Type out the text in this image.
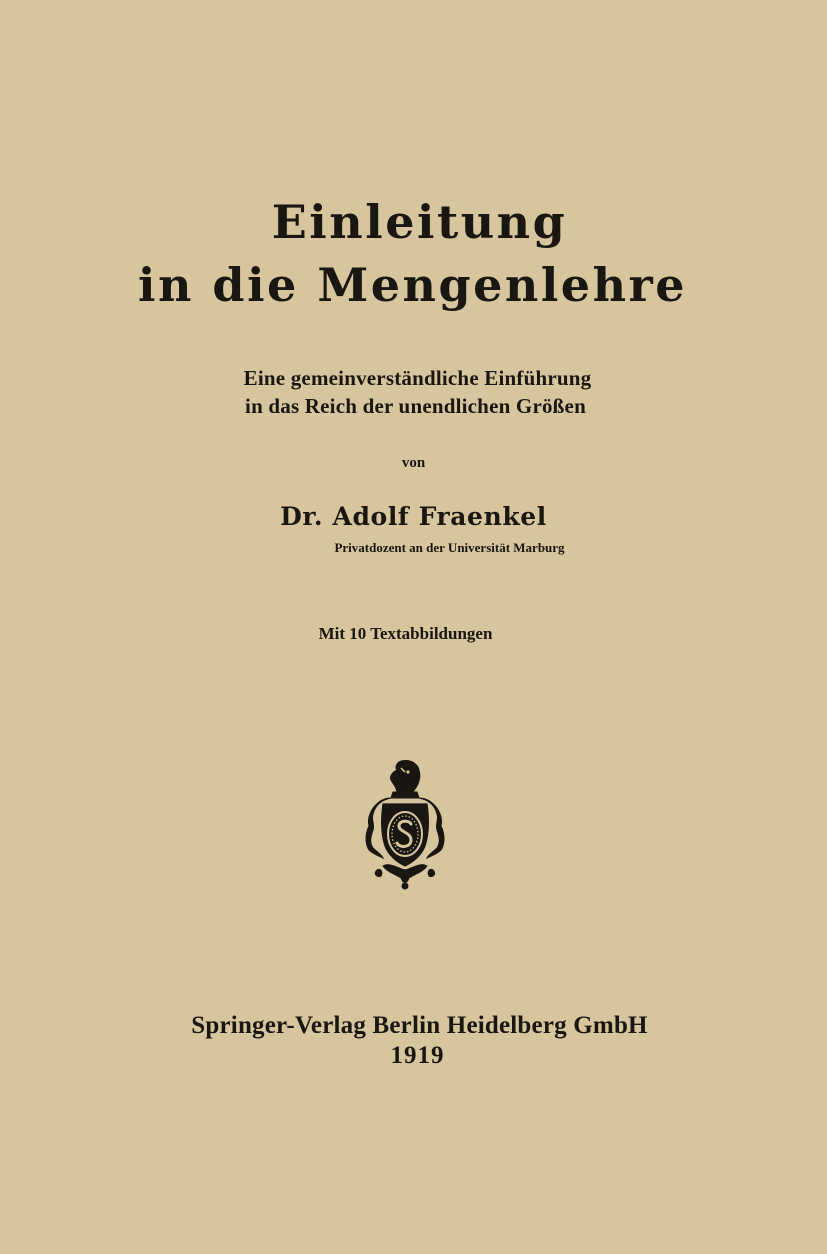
Einleitung
in die Mengenlehre

Eine gemeinverständliche Einführung

in das Reich der unendlichen Größen

von

Dr. Adolf Fraenkel

Privatdozent an der Universität Marburg

Mit 10 Textabbildungen

Springer-Verlag Berlin Heidelberg GmbH

1919
